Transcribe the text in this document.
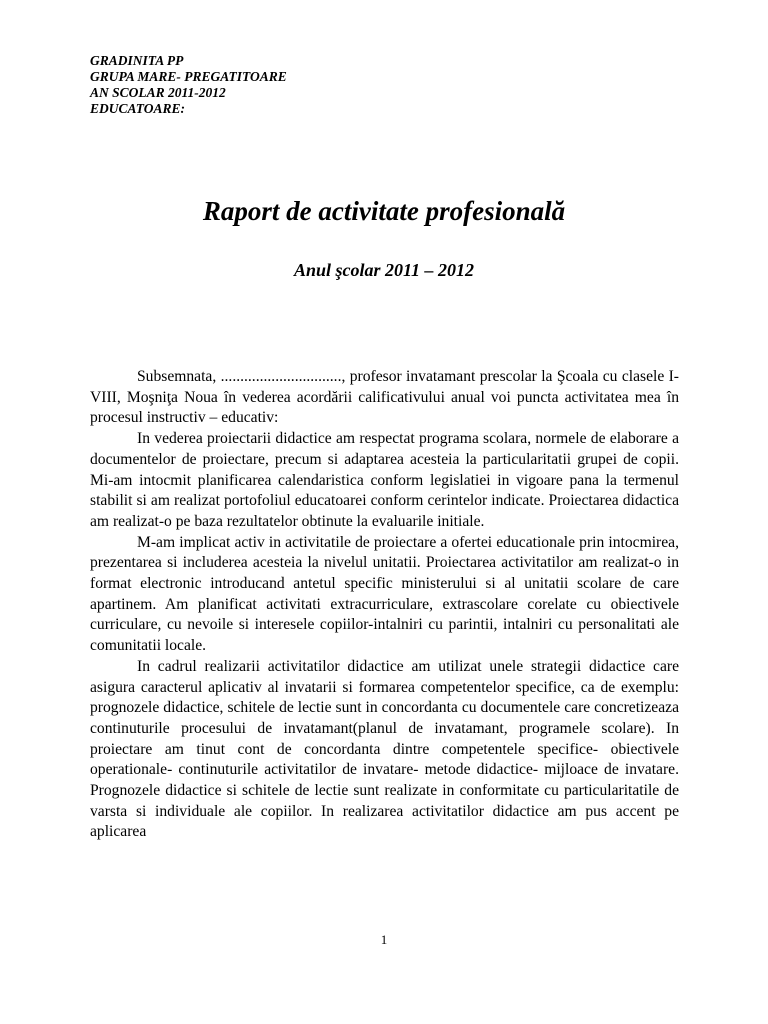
GRADINITA PP
GRUPA MARE- PREGATITOARE
AN SCOLAR 2011-2012
EDUCATOARE:
Raport de activitate profesională
Anul şcolar 2011 – 2012

Subsemnata, ..............................., profesor invatamant prescolar la Şcoala cu clasele I-VIII, Moşniţa Noua în vederea acordării calificativului anual voi puncta activitatea mea în procesul instructiv – educativ:

In vederea proiectarii didactice am respectat programa scolara, normele de elaborare a documentelor de proiectare, precum si adaptarea acesteia la particularitatii grupei de copii. Mi-am intocmit planificarea calendaristica conform legislatiei in vigoare pana la termenul stabilit si am realizat portofoliul educatoarei conform cerintelor indicate. Proiectarea didactica am realizat-o pe baza rezultatelor obtinute la evaluarile initiale.

M-am implicat activ in activitatile de proiectare a ofertei educationale prin intocmirea, prezentarea si includerea acesteia la nivelul unitatii. Proiectarea activitatilor am realizat-o in format electronic introducand antetul specific ministerului si al unitatii scolare de care apartinem. Am planificat activitati extracurriculare, extrascolare corelate cu obiectivele curriculare, cu nevoile si interesele copiilor-intalniri cu parintii, intalniri cu personalitati ale comunitatii locale.

In cadrul realizarii activitatilor didactice am utilizat unele strategii didactice care asigura caracterul aplicativ al invatarii si formarea competentelor specifice, ca de exemplu: prognozele didactice, schitele de lectie sunt in concordanta cu documentele care concretizeaza continuturile procesului de invatamant(planul de invatamant, programele scolare). In proiectare am tinut cont de concordanta dintre competentele specifice- obiectivele operationale- continuturile activitatilor de invatare- metode didactice- mijloace de invatare. Prognozele didactice si schitele de lectie sunt realizate in conformitate cu particularitatile de varsta si individuale ale copiilor. In realizarea activitatilor didactice am pus accent pe aplicarea

1
